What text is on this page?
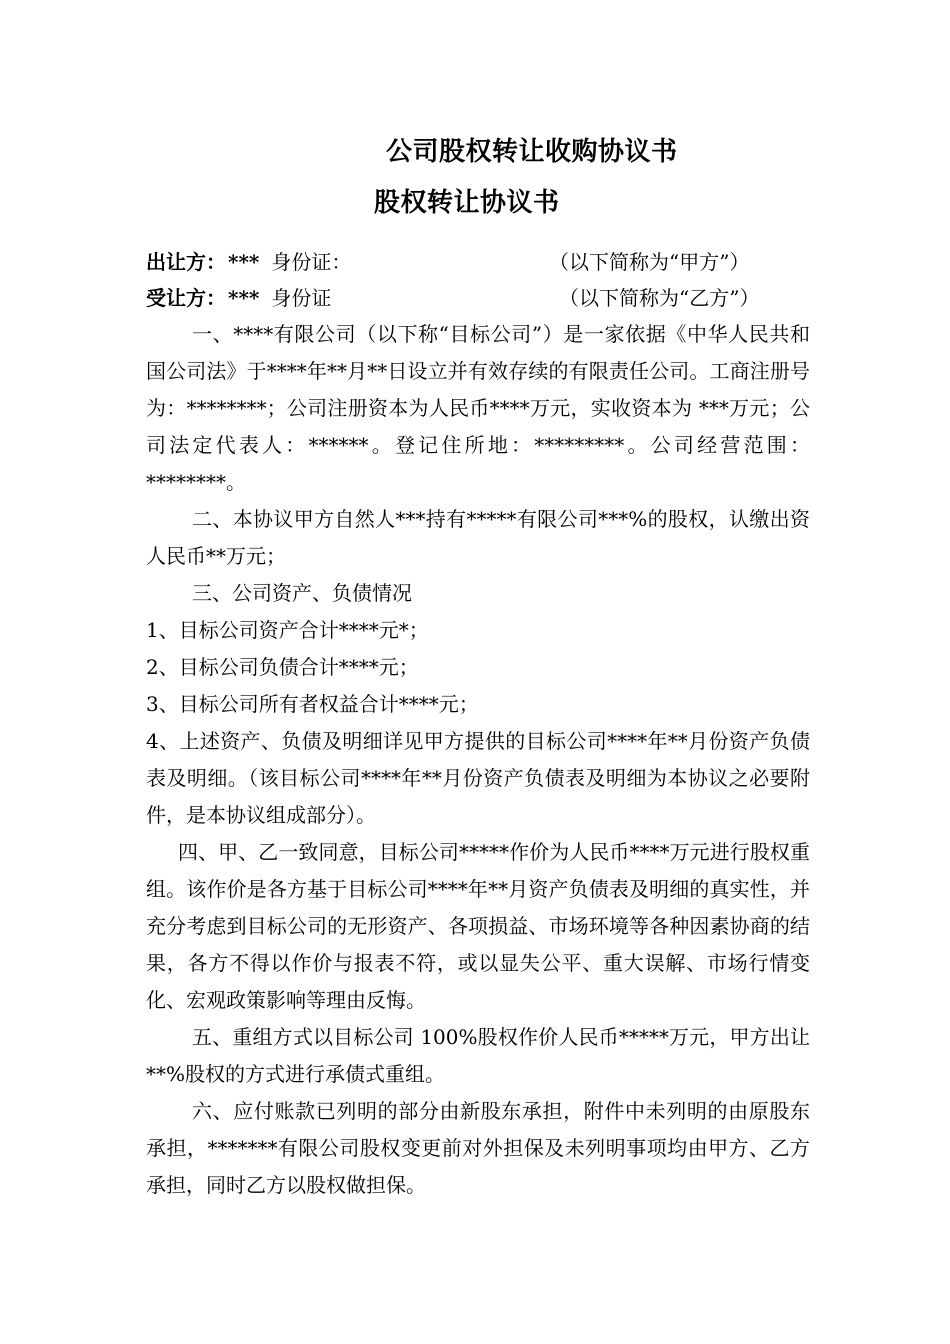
公司股权转让收购协议书
股权转让协议书
出让方： *** 身份证：	（以下简称为“甲方”）
受让方： *** 身份证	（以下简称为“乙方”）

一、****有限公司（以下称“目标公司”）是一家依据《中华人民共和国公司法》于****年**月**日设立并有效存续的有限责任公司。工商注册号为：********；公司注册资本为人民币****万元，实收资本为 ***万元；公司法定代表人：******。登记住所地：*********。公司经营范围：********。

二、本协议甲方自然人***持有*****有限公司***%的股权，认缴出资人民币**万元；

三、公司资产、负债情况

1、目标公司资产合计****元*；

2、目标公司负债合计****元；

3、目标公司所有者权益合计****元；

4、上述资产、负债及明细详见甲方提供的目标公司****年**月份资产负债表及明细。（该目标公司****年**月份资产负债表及明细为本协议之必要附件，是本协议组成部分）。

四、甲、乙一致同意，目标公司*****作价为人民币****万元进行股权重组。该作价是各方基于目标公司****年**月资产负债表及明细的真实性，并充分考虑到目标公司的无形资产、各项损益、市场环境等各种因素协商的结果，各方不得以作价与报表不符，或以显失公平、重大误解、市场行情变化、宏观政策影响等理由反悔。

五、重组方式以目标公司 100%股权作价人民币*****万元，甲方出让**%股权的方式进行承债式重组。

六、应付账款已列明的部分由新股东承担，附件中未列明的由原股东承担，*******有限公司股权变更前对外担保及未列明事项均由甲方、乙方承担，同时乙方以股权做担保。
